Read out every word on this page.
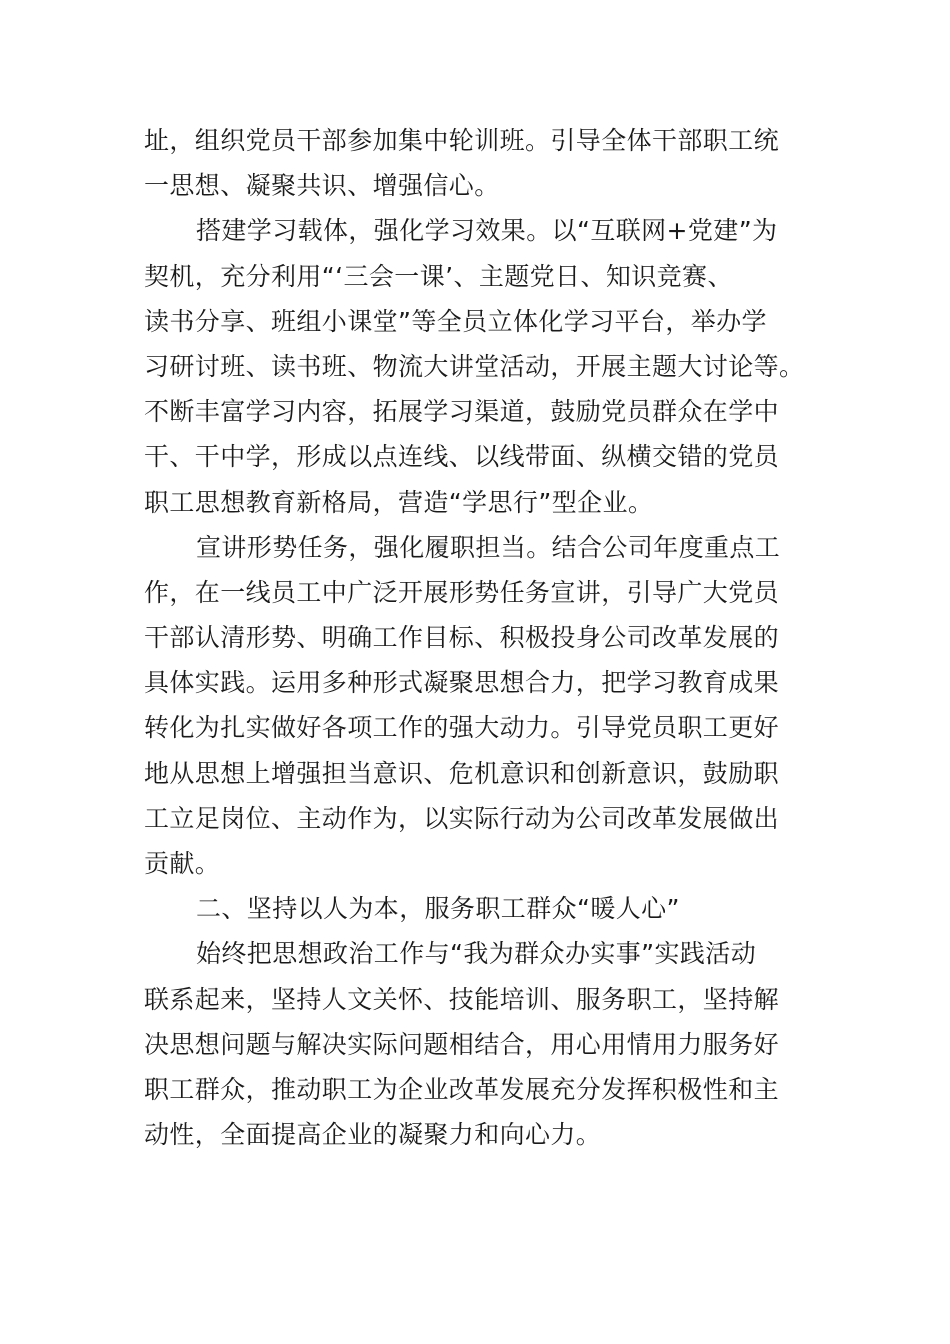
址，组织党员干部参加集中轮训班。引导全体干部职工统
一思想、凝聚共识、增强信心。
搭建学习载体，强化学习效果。以“互联网+党建”为
契机，充分利用“‘三会一课’、主题党日、知识竞赛、
读书分享、班组小课堂”等全员立体化学习平台，举办学
习研讨班、读书班、物流大讲堂活动，开展主题大讨论等。
不断丰富学习内容，拓展学习渠道，鼓励党员群众在学中
干、干中学，形成以点连线、以线带面、纵横交错的党员
职工思想教育新格局，营造“学思行”型企业。
宣讲形势任务，强化履职担当。结合公司年度重点工
作，在一线员工中广泛开展形势任务宣讲，引导广大党员
干部认清形势、明确工作目标、积极投身公司改革发展的
具体实践。运用多种形式凝聚思想合力，把学习教育成果
转化为扎实做好各项工作的强大动力。引导党员职工更好
地从思想上增强担当意识、危机意识和创新意识，鼓励职
工立足岗位、主动作为，以实际行动为公司改革发展做出
贡献。
二、坚持以人为本，服务职工群众“暖人心”
始终把思想政治工作与“我为群众办实事”实践活动
联系起来，坚持人文关怀、技能培训、服务职工，坚持解
决思想问题与解决实际问题相结合，用心用情用力服务好
职工群众，推动职工为企业改革发展充分发挥积极性和主
动性，全面提高企业的凝聚力和向心力。
